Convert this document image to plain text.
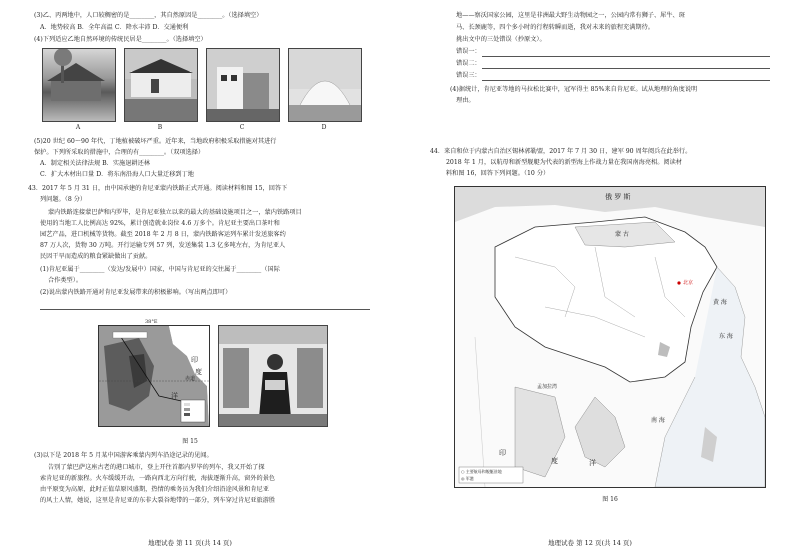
(3)乙、丙两地中，人口较稠密的是________，其自然原因是________。（选择填空）
A．地势较高 B．全年高温 C．降水丰沛 D．交通便利
(4)下列适应乙地自然环境的传统民居是________。（选择填空）
A	B	C	D
(5)20 世纪 60～90 年代，丁地植被破坏严重。近年来，当地政府积极采取措施对其进行
保护。下列所采取的措施中，合理的有________。（双项选择）
A．制定相关法律法规 B．实施退耕还林
C．扩大木材出口量 D．将东南沿海人口大量迁移到丁地
43．2017 年 5 月 31 日，由中国承建的肯尼亚蒙内铁路正式开通。阅读材料和图 15，回答下
列问题。（8 分）
蒙内铁路连接蒙巴萨和内罗毕，是肯尼亚独立以来的最大的基础设施项目之一，蒙内铁路项目
使用的当地工人比例高达 92%，累计创造就业岗位 4.6 万多个。肯尼亚主要出口茶叶和
园艺产品，进口机械等货物。截至 2018 年 2 月 8 日，蒙内铁路客运列车累计发送旅客约
87 万人次，货物 30 万吨。开行运输专列 57 列，发送集装 1.3 亿多吨左右，为肯尼亚人
民因干旱而造成的粮食紧缺做出了贡献。
(1)肯尼亚属于________（发达/发展中）国家，中国与肯尼亚的交往属于________（国际
合作类型）。
(2)说出蒙内铁路开通对肯尼亚发展带来的积极影响。（写出两点即可）
38°E
赤道
印
度
洋
图 15
(3)以下是 2018 年 5 月某中国游客乘蒙内列车沿途记录的见闻。
告别了蒙巴萨这座古老的港口城市，登上开往首都内罗毕的列车，我又开始了探
索肯尼亚的新旅程。火车缓缓开动，一路向西北方向行驶，海拔逐渐升高，窗外的景色
由平原变为高原，此时正值草原风盛期，热情的乘务员为我们介绍沿途风景和肯尼亚
的风土人情，她说，这里是肯尼亚的东非大裂谷地带的一部分，列车穿过肯尼亚旅游胜
地理试卷 第 11 页(共 14 页)
地——察沃国家公园，这里是非洲最大野生动物园之一，公园内常有狮子、犀牛、斑
马、长颈鹿等，四个多小时的行程转瞬而逝，我对未来的旅程充满期待。
挑出文中的三处错误（抄原文）。
错误一：
错误二：
错误三：
(4)据统计，肯尼亚等地的马拉松比赛中，冠军得主 85%来自肯尼亚。试从地理的角度说明
理由。
44．来自和位于内蒙古自治区锡林郭勒盟，2017 年 7 月 30 日，建军 90 周年阅兵在此举行。
2018 年 1 月，以航母和新型舰艇为代表的新型海上作战力量在我国南海亮相。阅读材
料和图 16，回答下列问题。（10 分）
俄 罗 斯
蒙 古
北京
黄 海
东 海
南 海
孟加拉湾
印
度	洋
○ 主要航母和舰艇驻地
◎ 军港
图 16
地理试卷 第 12 页(共 14 页)
